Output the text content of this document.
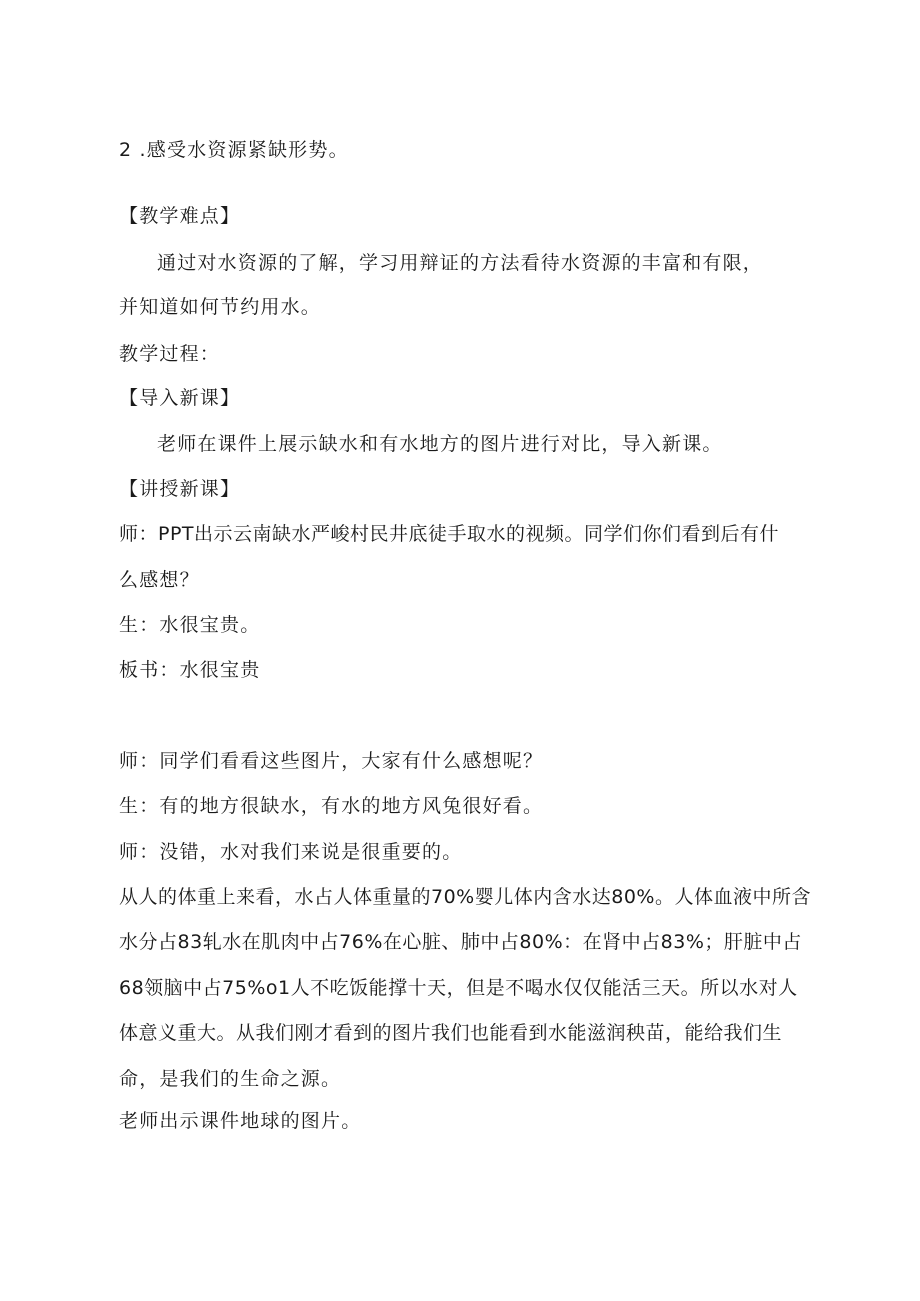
2 .感受水资源紧缺形势。
【教学难点】
通过对水资源的了解，学习用辩证的方法看待水资源的丰富和有限，
并知道如何节约用水。
教学过程：
【导入新课】
老师在课件上展示缺水和有水地方的图片进行对比，导入新课。
【讲授新课】
师：PPT出示云南缺水严峻村民井底徒手取水的视频。同学们你们看到后有什
么感想？
生：水很宝贵。
板书：水很宝贵
师：同学们看看这些图片，大家有什么感想呢？
生：有的地方很缺水，有水的地方风兔很好看。
师：没错，水对我们来说是很重要的。
从人的体重上来看，水占人体重量的70%婴儿体内含水达80%。人体血液中所含
水分占83轧水在肌肉中占76%在心脏、肺中占80%：在肾中占83%；肝脏中占
68领脑中占75%o1人不吃饭能撑十天，但是不喝水仅仅能活三天。所以水对人
体意义重大。从我们刚才看到的图片我们也能看到水能滋润秧苗，能给我们生
命，是我们的生命之源。
老师出示课件地球的图片。
